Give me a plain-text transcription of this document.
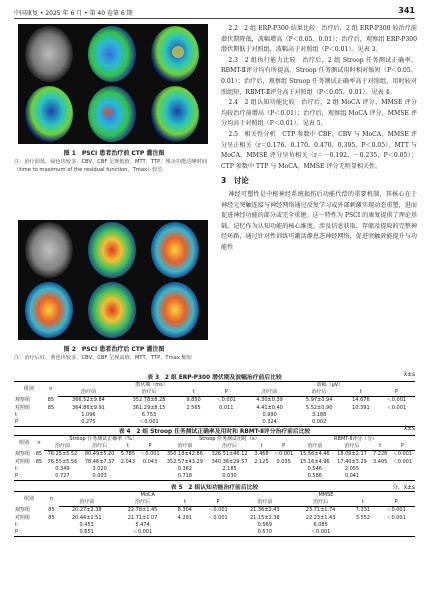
中国康复 • 2025 年 6 月 • 第 40 卷第 6 期	341
图 1　PSCI 患者治疗前 CTP 灌注图
注：治疗前蓝、绿色块较多，CBV、CBF 呈现低值，MTT、TTP、残余功能达峰时间（time to maximum of the residual function，Tmax）较长
图 2　PSCI 患者治疗后 CTP 灌注图
注：治疗后红、黄色块较多，CBV、CBF 呈现高值，MTT、TTP、Tmax 缩短

2.2　2 组 ERP-P300 结果比较　治疗后，2 组 ERP-P300 较治疗前潜伏期降低，波幅增高（P＜0.05、0.01）；治疗后，观察组 ERP-P300 潜伏期低于对照组，波幅高于对照组（P＜0.01）。见表 3。

2.3　2 组执行能力比较　治疗后，2 组 Stroop 任务测试正确率、RBMT-Ⅱ评分均有所提高，Stroop 任务测试用时相对缩短（P＜0.05、0.01）；治疗后，观察组 Stroop 任务测试正确率高于对照组，用时较对照组短，RBMT-Ⅱ评分高于对照组（P＜0.05、0.01）。见表 4。

2.4　2 组认知功能比较　治疗后，2 组 MoCA 评分、MMSE 评分均较治疗前增高（P＜0.01）；治疗后，观察组 MoCA 评分、MMSE 评分均高于对照组（P＜0.01）。见表 5。

2.5　相关性分析　CTP 参数中 CBF、CBV 与 MoCA、MMSE 评分呈正相关（r＝0.176、0.170、0.470、0.395，P＜0.05），MTT 与 MoCA、MMSE 评分呈负相关（r＝－0.192、－0.235，P＜0.05）；CTP 参数中 TTP 与 MoCA、MMSE 评分无明显相关性。

3　讨论

神经可塑性是中枢神经系统损伤后功能代偿的重要机制，其核心在于神经元突触连接与神经网络通过反复学习或外部刺激实现动态重塑，进而促进神经功能的部分或完全重建。这一特性为 PSCI 的康复提供了理论基础。记忆作为认知功能的核心维度，涉及信息获取、存储及提取的完整神经环路，通过针对性训练可激活静息态神经网络，促进突触效能提升与功能性

表 3　2 组 ERP-P300 潜伏期及波幅治疗前后比较	x̄±s
组别	n	潜伏期（ms）				波幅（μV）			
		治疗前	治疗后	t	P	治疗前	治疗后	t	P
观察组	85	366.52±9.84	352.78±8.28	9.850	＜0.001	4.30±0.39	5.97±0.94	14.676	＜0.001
对照组	85	364.86±9.91	361.29±8.15	2.565	0.011	4.41±0.40	5.52±0.90	10.391	＜0.001
t		1.096	6.753			0.990	3.188		
P		0.275	＜0.001			0.324	0.002		
表 4　2 组 Stroop 任务测试正确率及用时和 RBMT-Ⅱ评分治疗前后比较	x̄±s
组别	n	Stroop 任务测试正确率（%）				Stroop 任务测试用时（s）				RBMT-Ⅱ评分（分）			
		治疗前	治疗后	t	P	治疗前	治疗后	t	P	治疗前	治疗后	t	P
观察组	85	76.25±5.52	80.49±5.20	5.785	＜0.001	350.18±42.86	326.51±46.12	3.468	＜0.001	15.56±4.46	18.09±2.17	7.228	＜0.001
对照组	85	76.55±5.56	78.46±7.37	2.043	0.043	352.57±43.29	340.36±29.57	2.125	0.035	15.16±4.96	17.40±3.29	3.405	＜0.001
t		0.349	3.020			0.362	2.185			0.546	2.055		
P		0.727	0.003			0.718	0.030			0.586	0.041		
表 5　2 组认知功能治疗前后比较	分，x̄±s
组别	n	MoCA				MMSE			
		治疗前	治疗后	t	P	治疗前	治疗后	t	P
观察组	85	20.27±2.38	22.78±1.45	8.304	＜0.001	21.36±2.43	23.71±1.74	7.331	＜0.001
对照组	85	20.44±2.51	21.71±1.07	4.291	＜0.001	21.15±2.38	22.23±1.43	3.552	＜0.001
t		0.453	5.474			0.569	6.085		
P		0.651	＜0.001			0.570	＜0.001		
